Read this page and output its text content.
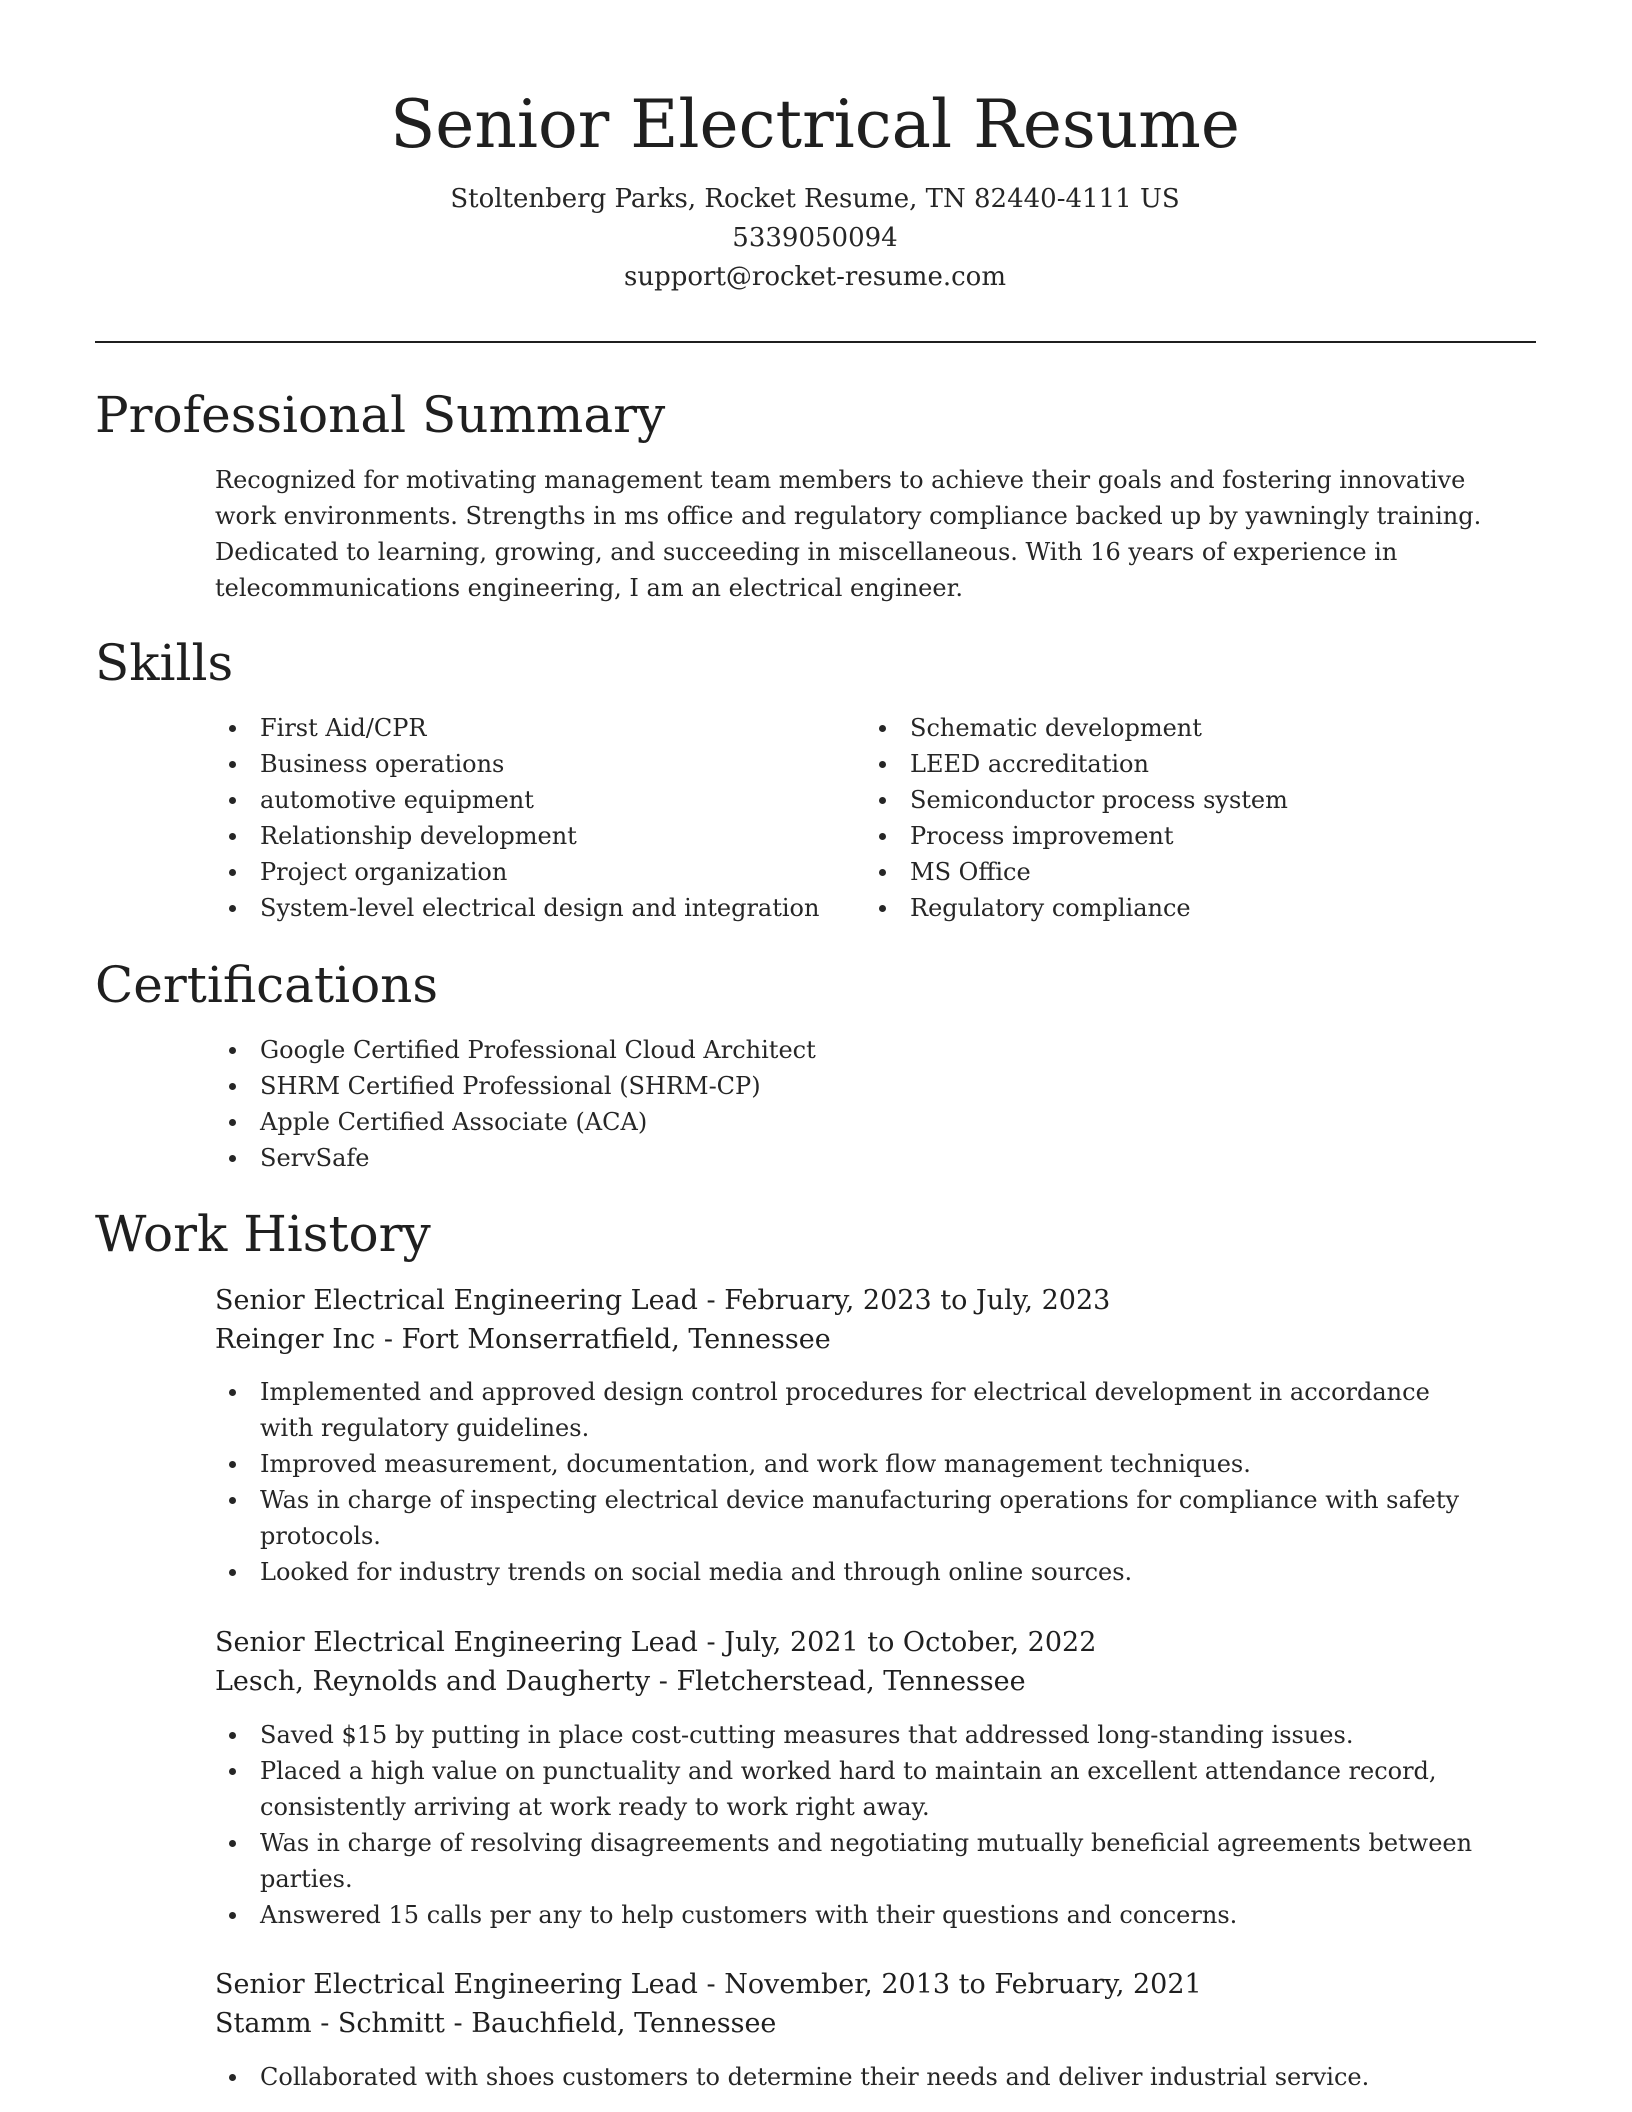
Senior Electrical Resume
Stoltenberg Parks, Rocket Resume, TN 82440-4111 US
5339050094
support@rocket-resume.com
Professional Summary

Recognized for motivating management team members to achieve their goals and fostering innovative work environments. Strengths in ms office and regulatory compliance backed up by yawningly training. Dedicated to learning, growing, and succeeding in miscellaneous. With 16 years of experience in telecommunications engineering, I am an electrical engineer.

Skills
First Aid/CPR
Business operations
automotive equipment
Relationship development
Project organization
System-level electrical design and integration
Schematic development
LEED accreditation
Semiconductor process system
Process improvement
MS Office
Regulatory compliance
Certifications
Google Certified Professional Cloud Architect
SHRM Certified Professional (SHRM-CP)
Apple Certified Associate (ACA)
ServSafe
Work History
Senior Electrical Engineering Lead - February, 2023 to July, 2023
Reinger Inc - Fort Monserratfield, Tennessee
Implemented and approved design control procedures for electrical development in accordance with regulatory guidelines.
Improved measurement, documentation, and work flow management techniques.
Was in charge of inspecting electrical device manufacturing operations for compliance with safety protocols.
Looked for industry trends on social media and through online sources.
Senior Electrical Engineering Lead - July, 2021 to October, 2022
Lesch, Reynolds and Daugherty - Fletcherstead, Tennessee
Saved $15 by putting in place cost-cutting measures that addressed long-standing issues.
Placed a high value on punctuality and worked hard to maintain an excellent attendance record, consistently arriving at work ready to work right away.
Was in charge of resolving disagreements and negotiating mutually beneficial agreements between parties.
Answered 15 calls per any to help customers with their questions and concerns.
Senior Electrical Engineering Lead - November, 2013 to February, 2021
Stamm - Schmitt - Bauchfield, Tennessee
Collaborated with shoes customers to determine their needs and deliver industrial service.
